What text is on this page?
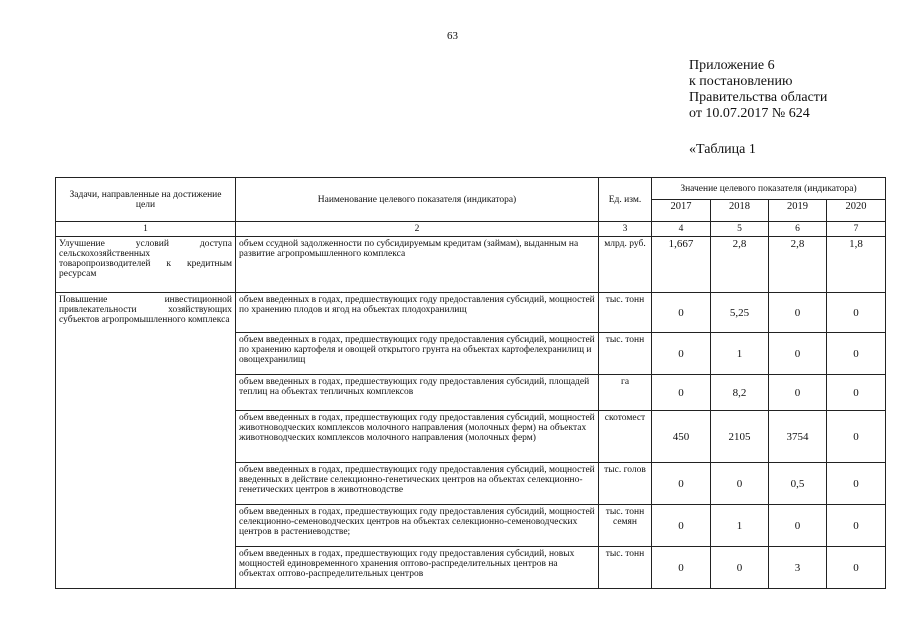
63
Приложение 6
к постановлению
Правительства области
от 10.07.2017 № 624
«Таблица 1
Задачи, направленные на достижение цели	Наименование целевого показателя (индикатора)	Ед. изм.	Значение целевого показателя (индикатора)			
			2017	2018	2019	2020
1	2	3	4	5	6	7
Улучшение условий доступа сельскохозяйственных товаропроизводителей к кредитным ресурсам	объем ссудной задолженности по субсидируемым кредитам (займам), выданным на развитие агропромышленного комплекса	млрд. руб.	1,667	2,8	2,8	1,8
Повышение инвестиционной привлекательности хозяйствующих субъектов агропромышленного комплекса	объем введенных в годах, предшествующих году предоставления субсидий, мощностей по хранению плодов и ягод на объектах плодохранилищ	тыс. тонн	0	5,25	0	0
	объем введенных в годах, предшествующих году предоставления субсидий, мощностей по хранению картофеля и овощей открытого грунта на объектах картофелехранилищ и овощехранилищ	тыс. тонн	0	1	0	0
	объем введенных в годах, предшествующих году предоставления субсидий, площадей теплиц на объектах тепличных комплексов	га	0	8,2	0	0
	объем введенных в годах, предшествующих году предоставления субсидий, мощностей животноводческих комплексов молочного направления (молочных ферм) на объектах животноводческих комплексов молочного направления (молочных ферм)	скотомест	450	2105	3754	0
	объем введенных в годах, предшествующих году предоставления субсидий, мощностей введенных в действие селекционно-генетических центров на объектах селекционно-генетических центров в животноводстве	тыс. голов	0	0	0,5	0
	объем введенных в годах, предшествующих году предоставления субсидий, мощностей селекционно-семеноводческих центров на объектах селекционно-семеноводческих центров в растениеводстве;	тыс. тонн семян	0	1	0	0
	объем введенных в годах, предшествующих году предоставления субсидий, новых мощностей единовременного хранения оптово-распределительных центров на объектах оптово-распределительных центров	тыс. тонн	0	0	3	0
